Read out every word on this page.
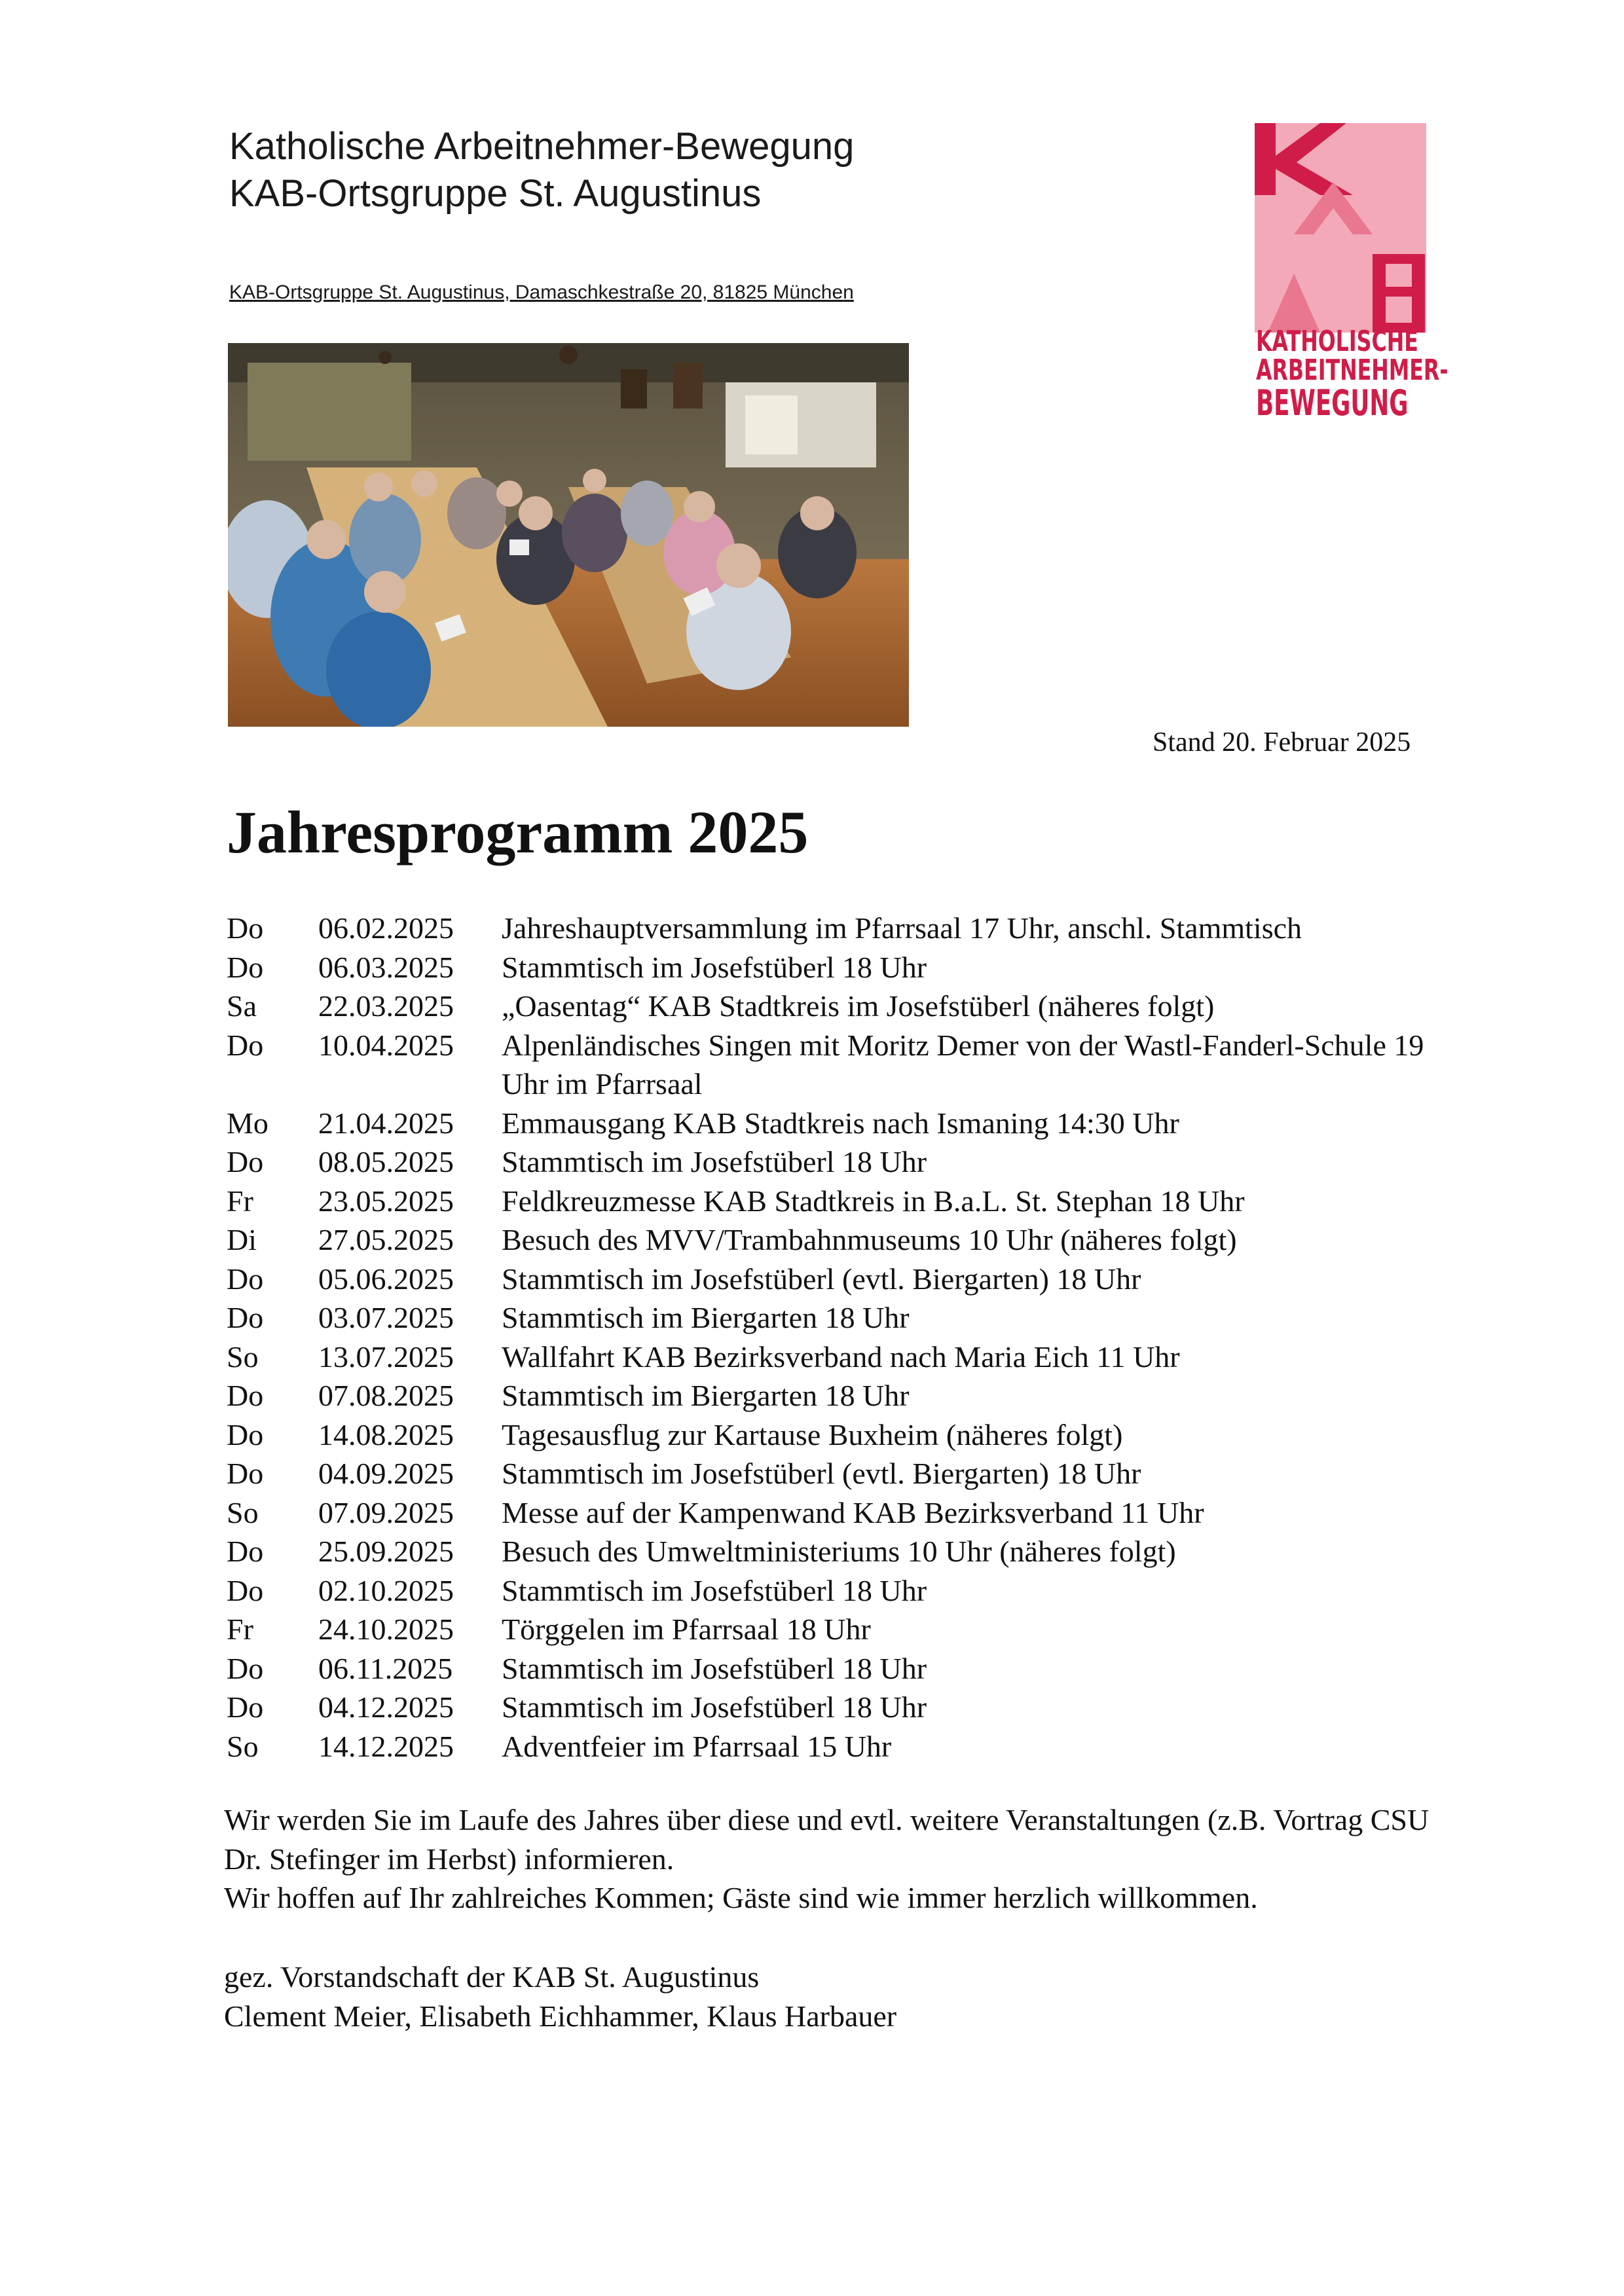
Katholische Arbeitnehmer-Bewegung
KAB-Ortsgruppe St. Augustinus
KAB-Ortsgruppe St. Augustinus, Damaschkestraße 20, 81825 München
KATHOLISCHE
ARBEITNEHMER-
BEWEGUNG
Stand 20. Februar 2025
Jahresprogramm 2025
Do 06.02.2025 Jahreshauptversammlung im Pfarrsaal 17 Uhr, anschl. Stammtisch
Do 06.03.2025 Stammtisch im Josefstüberl 18 Uhr
Sa 22.03.2025 „Oasentag“ KAB Stadtkreis im Josefstüberl (näheres folgt)
Do 10.04.2025 Alpenländisches Singen mit Moritz Demer von der Wastl-Fanderl-Schule 19 Uhr im Pfarrsaal
Mo 21.04.2025 Emmausgang KAB Stadtkreis nach Ismaning 14:30 Uhr
Do 08.05.2025 Stammtisch im Josefstüberl 18 Uhr
Fr 23.05.2025 Feldkreuzmesse KAB Stadtkreis in B.a.L. St. Stephan 18 Uhr
Di 27.05.2025 Besuch des MVV/Trambahnmuseums 10 Uhr (näheres folgt)
Do 05.06.2025 Stammtisch im Josefstüberl (evtl. Biergarten) 18 Uhr
Do 03.07.2025 Stammtisch im Biergarten 18 Uhr
So 13.07.2025 Wallfahrt KAB Bezirksverband nach Maria Eich 11 Uhr
Do 07.08.2025 Stammtisch im Biergarten 18 Uhr
Do 14.08.2025 Tagesausflug zur Kartause Buxheim (näheres folgt)
Do 04.09.2025 Stammtisch im Josefstüberl (evtl. Biergarten) 18 Uhr
So 07.09.2025 Messe auf der Kampenwand KAB Bezirksverband 11 Uhr
Do 25.09.2025 Besuch des Umweltministeriums 10 Uhr (näheres folgt)
Do 02.10.2025 Stammtisch im Josefstüberl 18 Uhr
Fr 24.10.2025 Törggelen im Pfarrsaal 18 Uhr
Do 06.11.2025 Stammtisch im Josefstüberl 18 Uhr
Do 04.12.2025 Stammtisch im Josefstüberl 18 Uhr
So 14.12.2025 Adventfeier im Pfarrsaal 15 Uhr

Wir werden Sie im Laufe des Jahres über diese und evtl. weitere Veranstaltungen (z.B. Vortrag CSU Dr. Stefinger im Herbst) informieren.

Wir hoffen auf Ihr zahlreiches Kommen; Gäste sind wie immer herzlich willkommen.

gez. Vorstandschaft der KAB St. Augustinus

Clement Meier, Elisabeth Eichhammer, Klaus Harbauer
